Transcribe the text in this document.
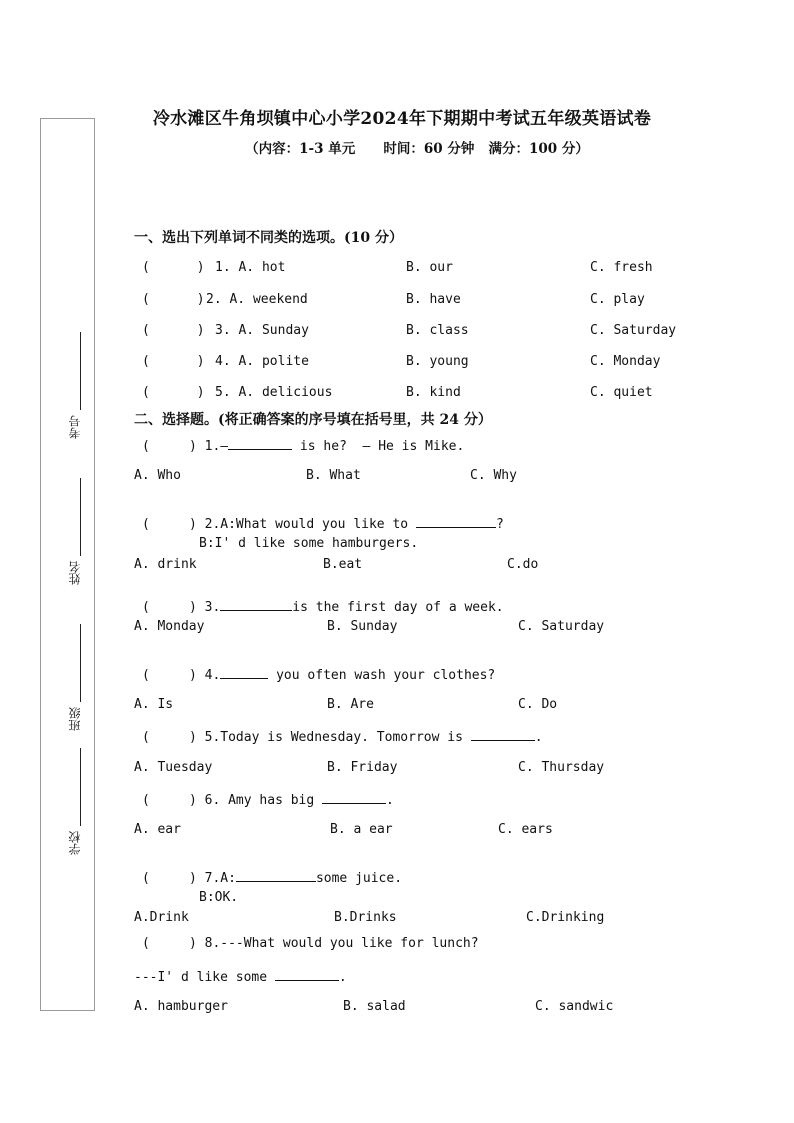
考号
姓名
班级
学校
冷水滩区牛角坝镇中心小学2024年下期期中考试五年级英语试卷
（内容：1-3 单元      时间：60 分钟   满分：100 分）
一、选出下列单词不同类的选项。(10 分）
(      ) 1. A. hot	B. our	C. fresh
(      ) 2. A. weekend	B. have	C. play
(      ) 3. A. Sunday	B. class	C. Saturday
(      ) 4. A. polite	B. young	C. Monday
(      ) 5. A. delicious	B. kind	C. quiet
二、选择题。(将正确答案的序号填在括号里，共 24 分）
(     ) 1.—	is he?  — He is Mike.
A. Who	B. What	C. Why
(     ) 2.A:What would you like to	?
B:I' d like some hamburgers.
A. drink	B.eat	C.do
(     ) 3.	is the first day of a week.
A. Monday	B. Sunday	C. Saturday
(     ) 4.	you often wash your clothes?
A. Is	B. Are	C. Do
(     ) 5.Today is Wednesday. Tomorrow is	.
A. Tuesday	B. Friday	C. Thursday
(     ) 6. Amy has big	.
A. ear	B. a ear	C. ears
(     ) 7.A:	some juice.
B:OK.
A.Drink	B.Drinks	C.Drinking
(     ) 8.---What would you like for lunch?
---I' d like some	.
A. hamburger	B. salad	C. sandwic
